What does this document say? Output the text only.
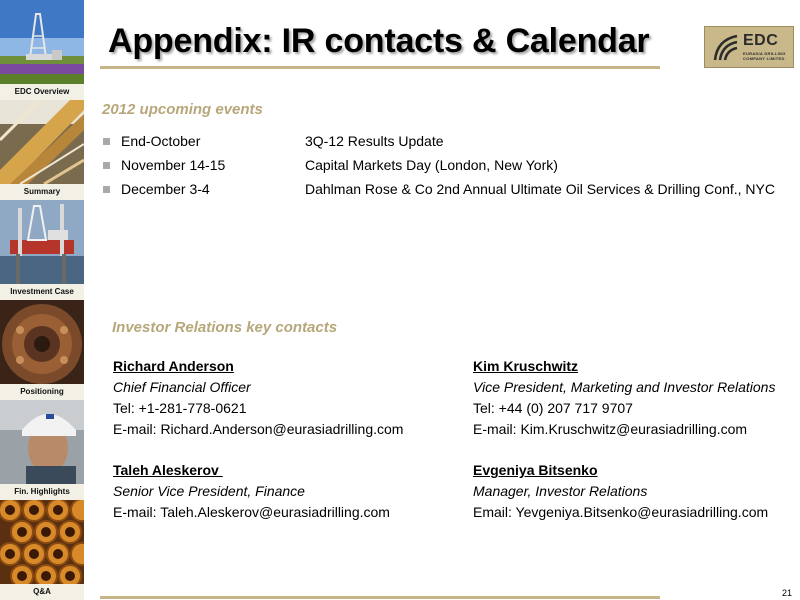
EDC Overview
Summary
Investment Case
Positioning
Fin. Highlights
Q&A
Appendix: IR contacts & Calendar	EDC
EURASIA DRILLING COMPANY LIMITED
2012 upcoming events
End-October	3Q-12 Results Update
November 14-15	Capital Markets Day (London, New York)
December 3-4	Dahlman Rose & Co 2nd Annual Ultimate Oil Services & Drilling Conf., NYC
Investor Relations key contacts
Richard Anderson
Chief Financial Officer
Tel: +1-281-778-0621
E-mail: Richard.Anderson@eurasiadrilling.com
Kim Kruschwitz
Vice President, Marketing and Investor Relations
Tel: +44 (0) 207 717 9707
E-mail: Kim.Kruschwitz@eurasiadrilling.com
Taleh Aleskerov
Senior Vice President, Finance
E-mail: Taleh.Aleskerov@eurasiadrilling.com
Evgeniya Bitsenko
Manager, Investor Relations
Email: Yevgeniya.Bitsenko@eurasiadrilling.com
21
